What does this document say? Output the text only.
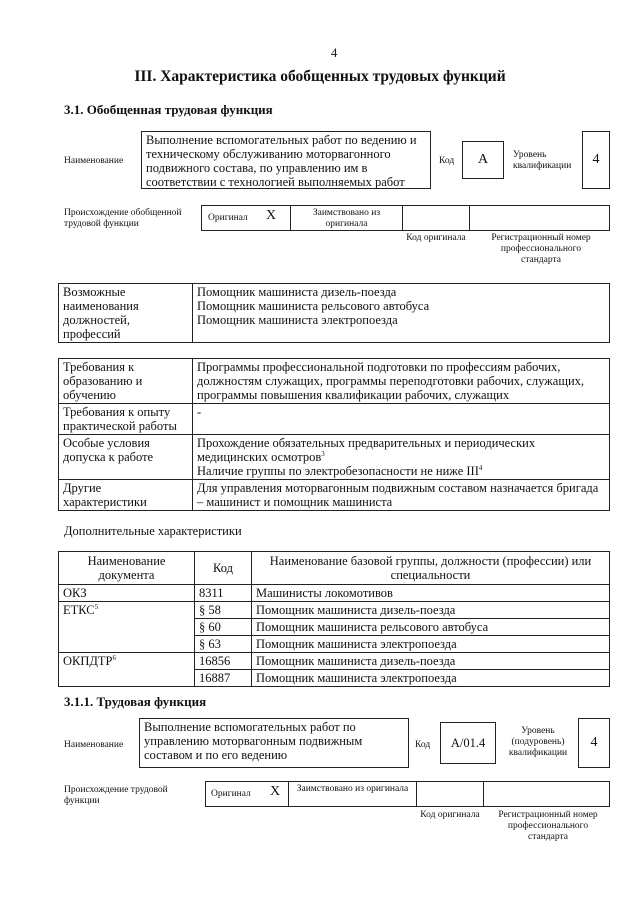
4
III. Характеристика обобщенных трудовых функций
3.1. Обобщенная трудовая функция
Наименование
Выполнение вспомогательных работ по ведению и техническому обслуживанию моторвагонного подвижного состава, по управлению им в соответствии с технологией выполняемых работ
Код	А	Уровень квалификации	4
Происхождение обобщенной трудовой функции
Оригинал X	Заимствовано из оригинала
Код оригинала	Регистрационный номер профессионального стандарта
Возможные наименования должностей, профессий	
Помощник машиниста дизель-поезда
Помощник машиниста рельсового автобуса
Помощник машиниста электропоезда
Требования к образованию и обучению	Программы профессиональной подготовки по профессиям рабочих, должностям служащих, программы переподготовки рабочих, служащих, программы повышения квалификации рабочих, служащих
Требования к опыту практической работы	-
Особые условия допуска к работе	Прохождение обязательных предварительных и периодических медицинских осмотров$^3$
Наличие группы по электробезопасности не ниже III$^4$

Другие характеристики	Для управления моторвагонным подвижным составом назначается бригада – машинист и помощник машиниста
Дополнительные характеристики
Наименование документа	Код	Наименование базовой группы, должности (профессии) или специальности
ОКЗ	8311	Машинисты локомотивов
ЕТКС$^5$	§ 58	Помощник машиниста дизель-поезда
	§ 60	Помощник машиниста рельсового автобуса
	§ 63	Помощник машиниста электропоезда
ОКПДТР$^6$	16856	Помощник машиниста дизель-поезда
	16887	Помощник машиниста электропоезда
3.1.1. Трудовая функция
Наименование
Выполнение вспомогательных работ по управлению моторвагонным подвижным составом и по его ведению
Код	A/01.4
Уровень (подуровень) квалификации
4
Происхождение трудовой функции
Оригинал X	Заимствовано из оригинала
Код оригинала	Регистрационный номер профессионального стандарта
